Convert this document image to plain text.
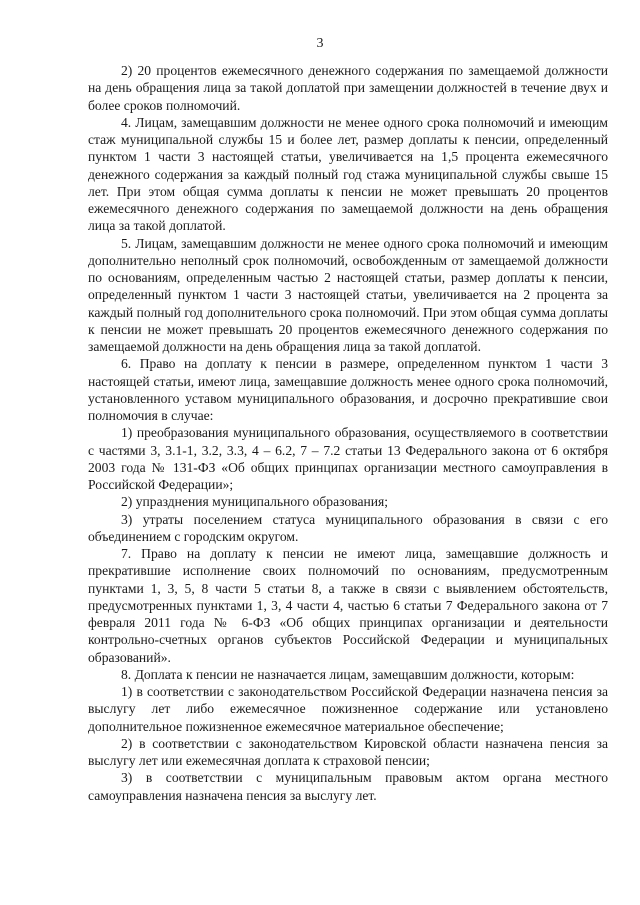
3

2) 20 процентов ежемесячного денежного содержания по замещаемой должности на день обращения лица за такой доплатой при замещении должностей в течение двух и более сроков полномочий.

4. Лицам, замещавшим должности не менее одного срока полномочий и имеющим стаж муниципальной службы 15 и более лет, размер доплаты к пенсии, определенный пунктом 1 части 3 настоящей статьи, увеличивается на 1,5 процента ежемесячного денежного содержания за каждый полный год стажа муниципальной службы свыше 15 лет. При этом общая сумма доплаты к пенсии не может превышать 20 процентов ежемесячного денежного содержания по замещаемой должности на день обращения лица за такой доплатой.

5. Лицам, замещавшим должности не менее одного срока полномочий и имеющим дополнительно неполный срок полномочий, освобожденным от замещаемой должности по основаниям, определенным частью 2 настоящей статьи, размер доплаты к пенсии, определенный пунктом 1 части 3 настоящей статьи, увеличивается на 2 процента за каждый полный год дополнительного срока полномочий. При этом общая сумма доплаты к пенсии не может превышать 20 процентов ежемесячного денежного содержания по замещаемой должности на день обращения лица за такой доплатой.

6. Право на доплату к пенсии в размере, определенном пунктом 1 части 3 настоящей статьи, имеют лица, замещавшие должность менее одного срока полномочий, установленного уставом муниципального образования, и досрочно прекратившие свои полномочия в случае:

1) преобразования муниципального образования, осуществляемого в соответствии с частями 3, 3.1-1, 3.2, 3.3, 4 – 6.2, 7 – 7.2 статьи 13 Федерального закона от 6 октября 2003 года № 131-ФЗ «Об общих принципах организации местного самоуправления в Российской Федерации»;

2) упразднения муниципального образования;

3) утраты поселением статуса муниципального образования в связи с его объединением с городским округом.

7. Право на доплату к пенсии не имеют лица, замещавшие должность и прекратившие исполнение своих полномочий по основаниям, предусмотренным пунктами 1, 3, 5, 8 части 5 статьи 8, а также в связи с выявлением обстоятельств, предусмотренных пунктами 1, 3, 4 части 4, частью 6 статьи 7 Федерального закона от 7 февраля 2011 года № 6-ФЗ «Об общих принципах организации и деятельности контрольно-счетных органов субъектов Российской Федерации и муниципальных образований».

8. Доплата к пенсии не назначается лицам, замещавшим должности, которым:

1) в соответствии с законодательством Российской Федерации назначена пенсия за выслугу лет либо ежемесячное пожизненное содержание или установлено дополнительное пожизненное ежемесячное материальное обеспечение;

2) в соответствии с законодательством Кировской области назначена пенсия за выслугу лет или ежемесячная доплата к страховой пенсии;

3) в соответствии с муниципальным правовым актом органа местного самоуправления назначена пенсия за выслугу лет.
